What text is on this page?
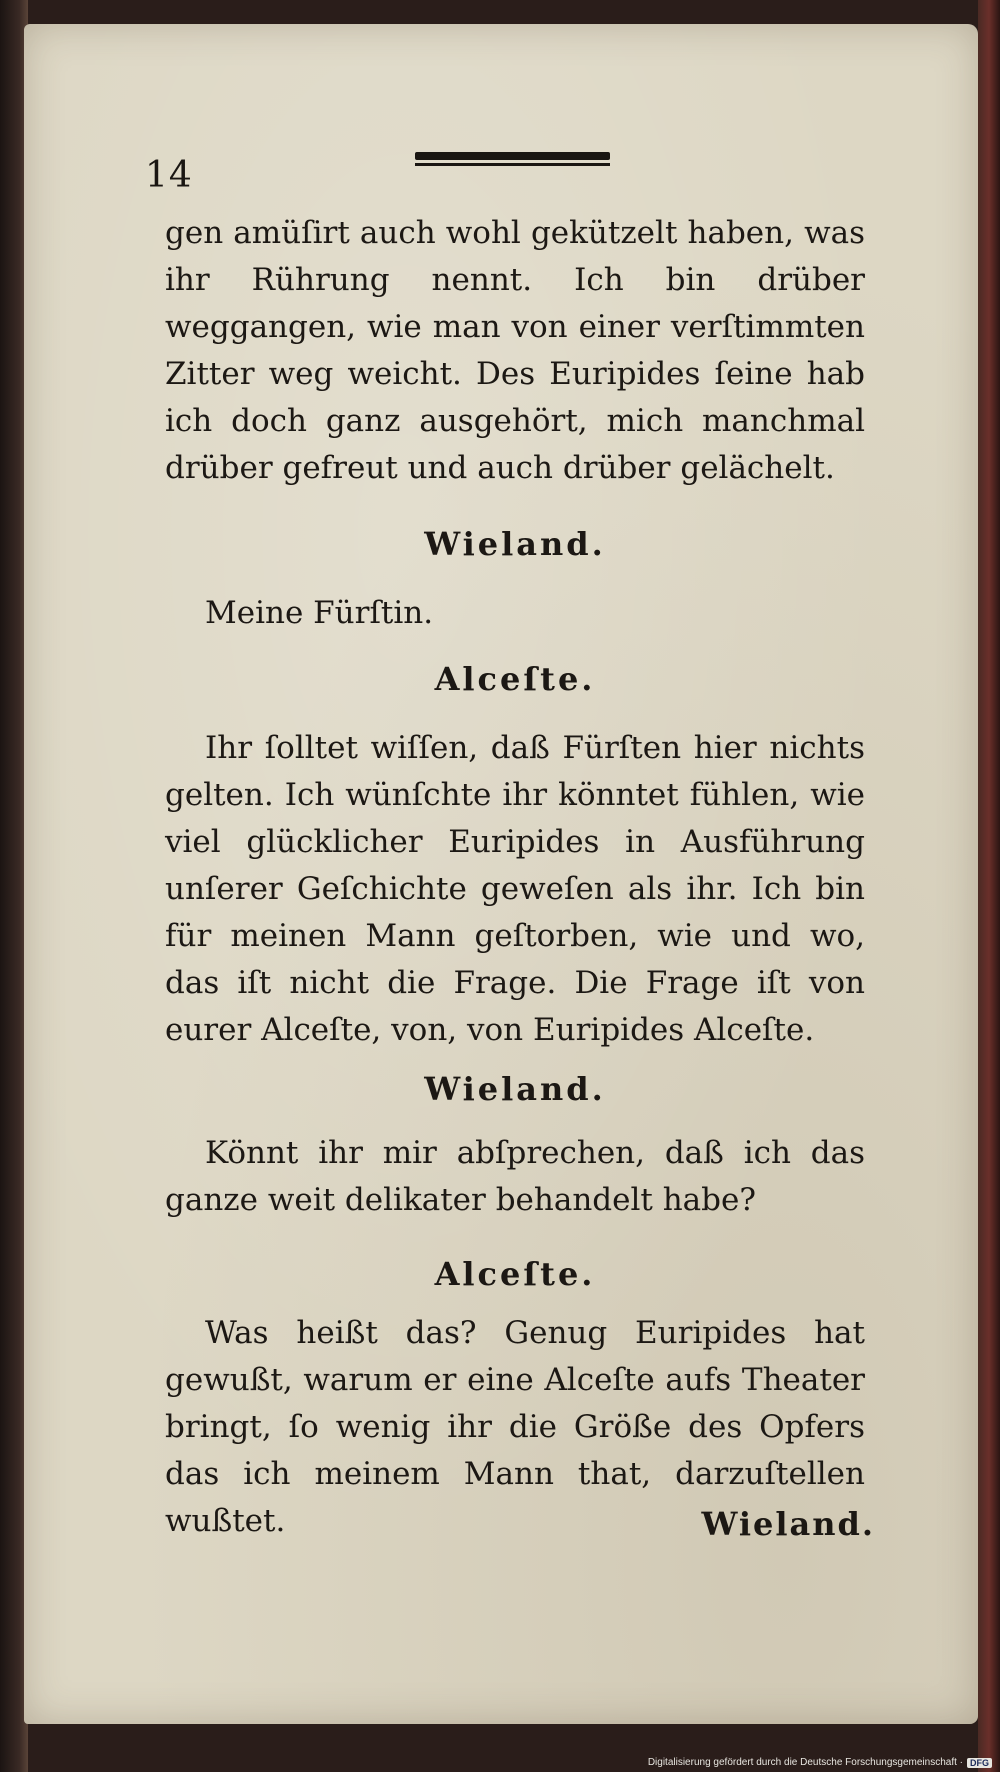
14

gen amüſirt auch wohl gekützelt haben, was ihr Rührung nennt. Ich bin drüber weggangen, wie man von einer verſtimmten Zitter weg weicht. Des Euripides ſeine hab ich doch ganz ausgehört, mich manchmal drüber gefreut und auch drüber gelächelt.

Wieland.

Meine Fürſtin.

Alceſte.

Ihr ſolltet wiſſen, daß Fürſten hier nichts gelten. Ich wünſchte ihr könntet fühlen, wie viel glücklicher Euripides in Ausführung unſerer Geſchichte geweſen als ihr. Ich bin für meinen Mann geſtorben, wie und wo, das iſt nicht die Frage. Die Frage iſt von eurer Alceſte, von, von Euripides Alceſte.

Wieland.

Könnt ihr mir abſprechen, daß ich das ganze weit delikater behandelt habe?

Alceſte.

Was heißt das? Genug Euripides hat gewußt, warum er eine Alceſte aufs Theater bringt, ſo wenig ihr die Größe des Opfers das ich meinem Mann that, darzuſtellen wußtet.	Wieland.
Digitalisierung gefördert durch die Deutsche Forschungsgemeinschaft · DFG
